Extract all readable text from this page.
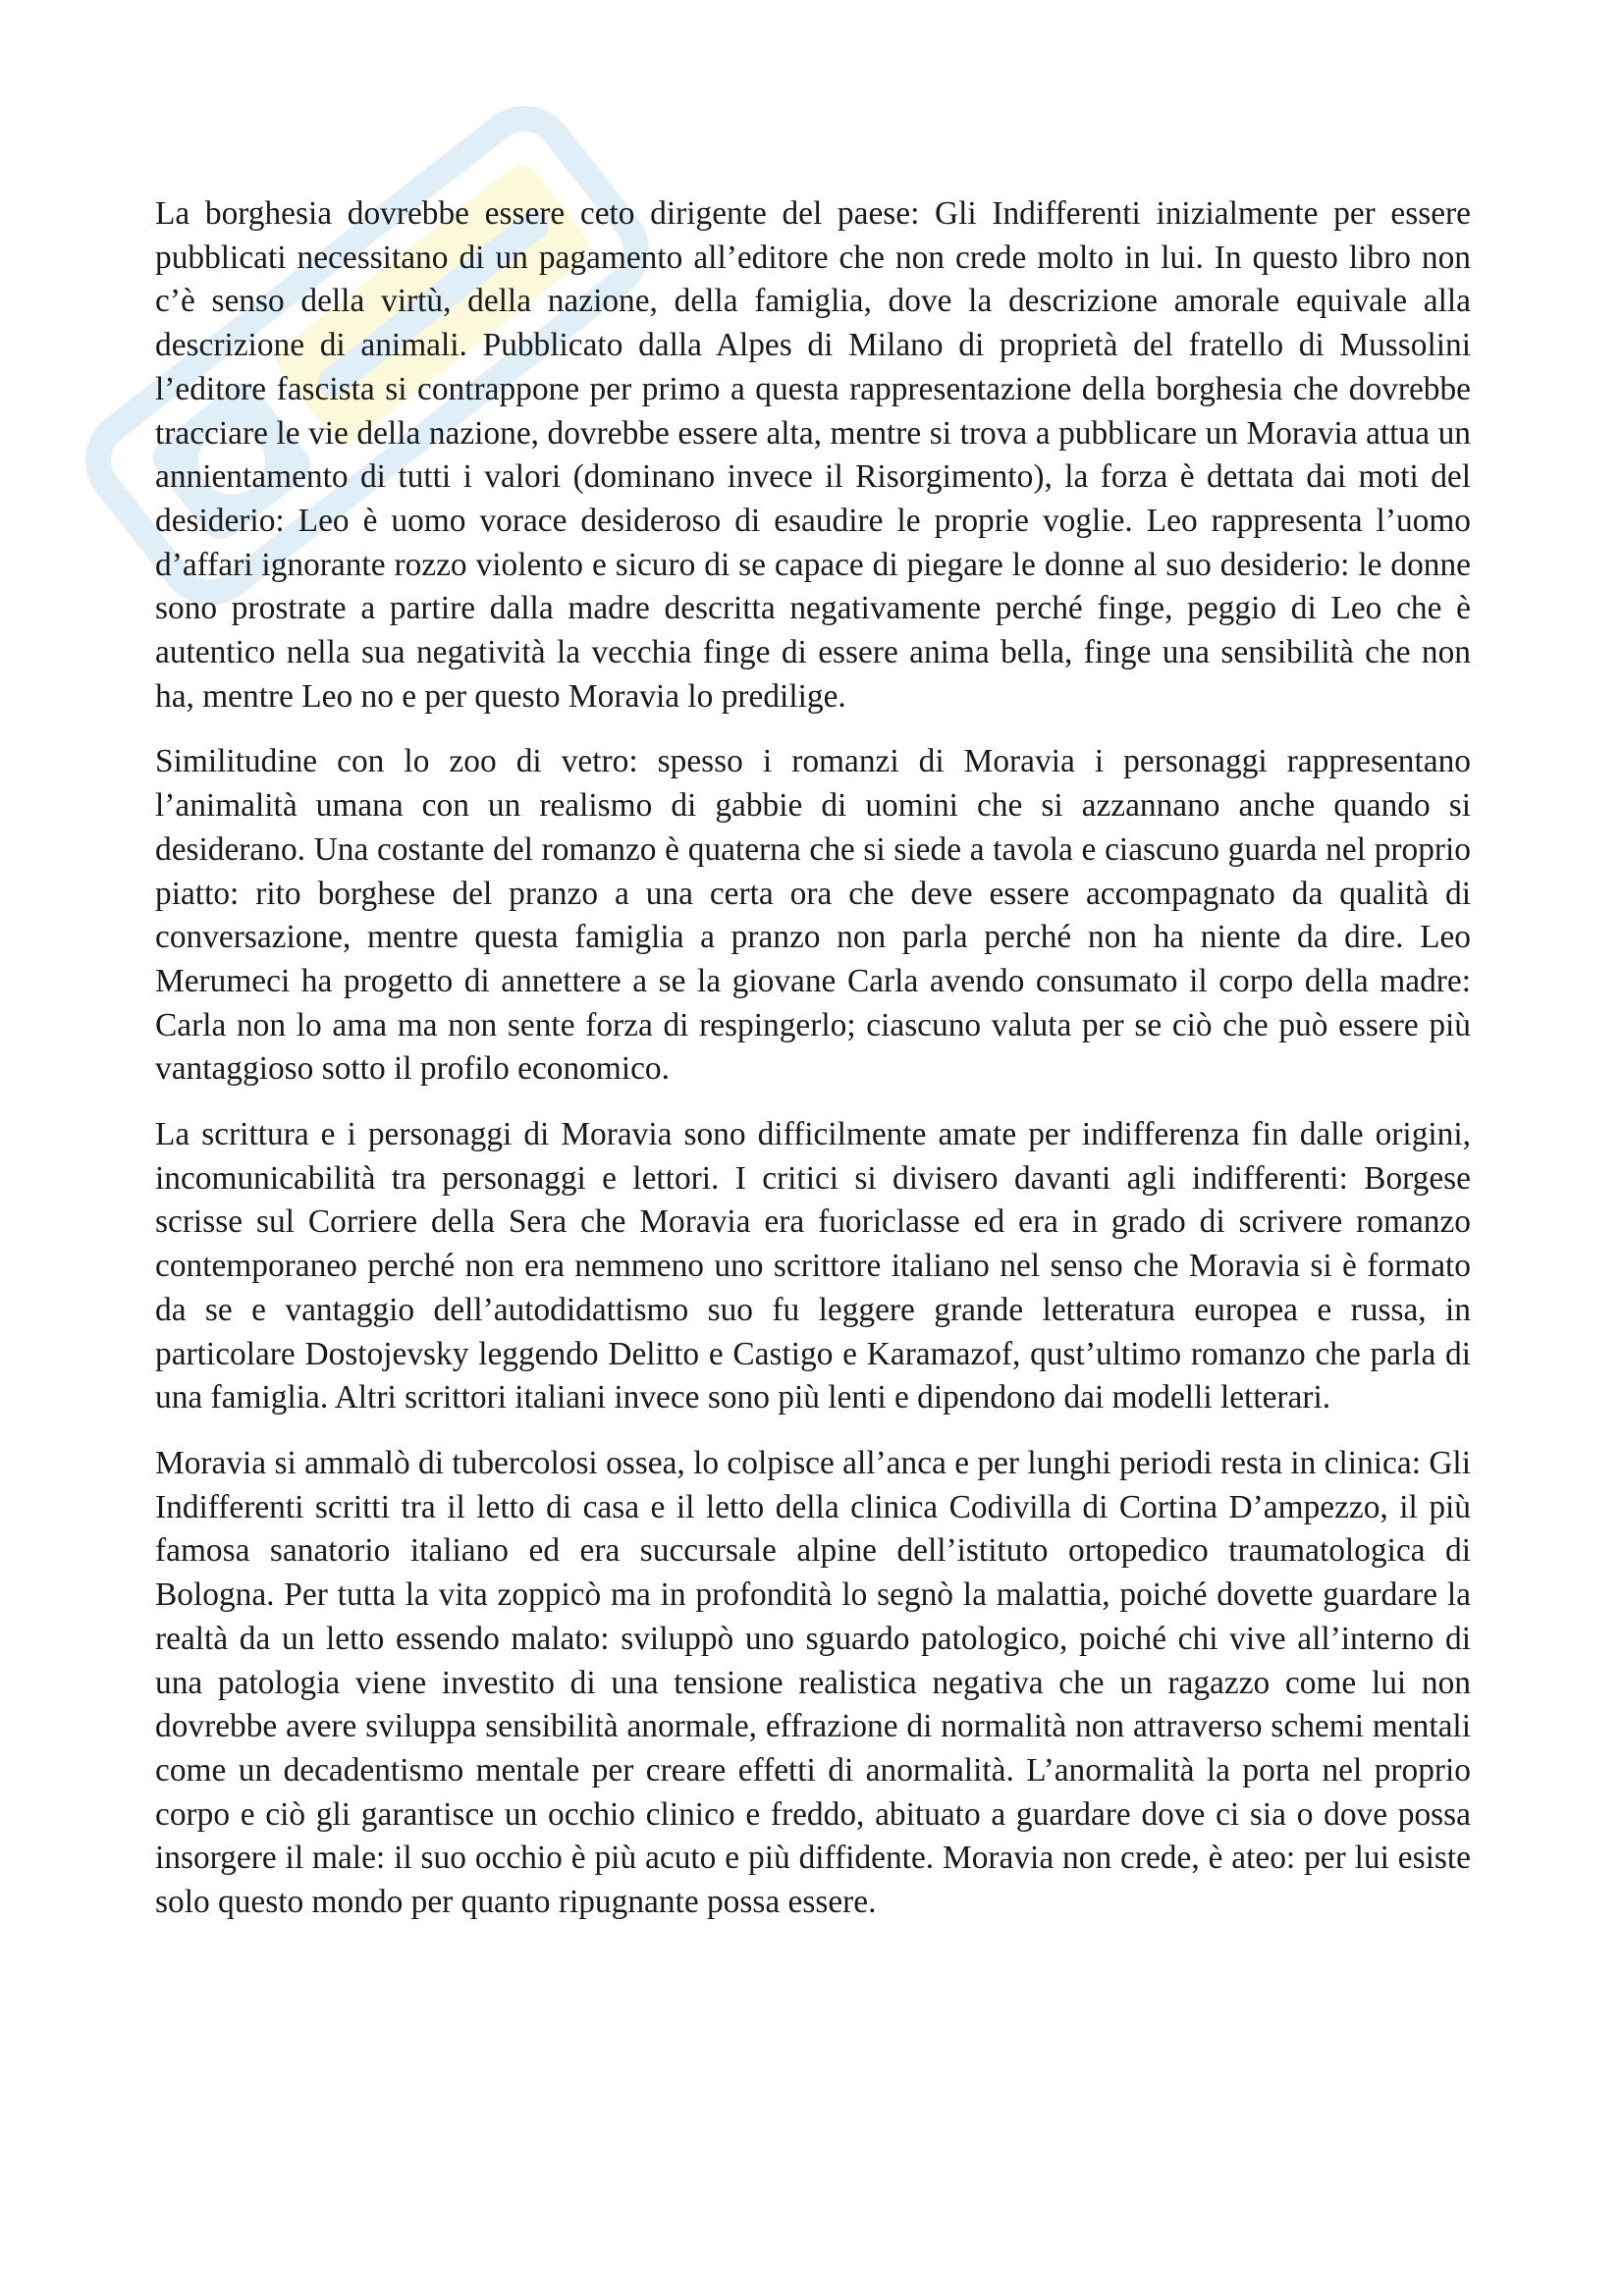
La borghesia dovrebbe essere ceto dirigente del paese: Gli Indifferenti inizialmente per essere pubblicati necessitano di un pagamento all’editore che non crede molto in lui. In questo libro non c’è senso della virtù, della nazione, della famiglia, dove la descrizione amorale equivale alla descrizione di animali. Pubblicato dalla Alpes di Milano di proprietà del fratello di Mussolini l’editore fascista si contrappone per primo a questa rappresentazione della borghesia che dovrebbe tracciare le vie della nazione, dovrebbe essere alta, mentre si trova a pubblicare un Moravia attua un annientamento di tutti i valori (dominano invece il Risorgimento), la forza è dettata dai moti del desiderio: Leo è uomo vorace desideroso di esaudire le proprie voglie. Leo rappresenta l’uomo d’affari ignorante rozzo violento e sicuro di se capace di piegare le donne al suo desiderio: le donne sono prostrate a partire dalla madre descritta negativamente perché finge, peggio di Leo che è autentico nella sua negatività la vecchia finge di essere anima bella, finge una sensibilità che non ha, mentre Leo no e per questo Moravia lo predilige.

Similitudine con lo zoo di vetro: spesso i romanzi di Moravia i personaggi rappresentano l’animalità umana con un realismo di gabbie di uomini che si azzannano anche quando si desiderano. Una costante del romanzo è quaterna che si siede a tavola e ciascuno guarda nel proprio piatto: rito borghese del pranzo a una certa ora che deve essere accompagnato da qualità di conversazione, mentre questa famiglia a pranzo non parla perché non ha niente da dire. Leo Merumeci ha progetto di annettere a se la giovane Carla avendo consumato il corpo della madre: Carla non lo ama ma non sente forza di respingerlo; ciascuno valuta per se ciò che può essere più vantaggioso sotto il profilo economico.

La scrittura e i personaggi di Moravia sono difficilmente amate per indifferenza fin dalle origini, incomunicabilità tra personaggi e lettori. I critici si divisero davanti agli indifferenti: Borgese scrisse sul Corriere della Sera che Moravia era fuoriclasse ed era in grado di scrivere romanzo contemporaneo perché non era nemmeno uno scrittore italiano nel senso che Moravia si è formato da se e vantaggio dell’autodidattismo suo fu leggere grande letteratura europea e russa, in particolare Dostojevsky leggendo Delitto e Castigo e Karamazof, qust’ultimo romanzo che parla di una famiglia. Altri scrittori italiani invece sono più lenti e dipendono dai modelli letterari.

Moravia si ammalò di tubercolosi ossea, lo colpisce all’anca e per lunghi periodi resta in clinica: Gli Indifferenti scritti tra il letto di casa e il letto della clinica Codivilla di Cortina D’ampezzo, il più famosa sanatorio italiano ed era succursale alpine dell’istituto ortopedico traumatologica di Bologna. Per tutta la vita zoppicò ma in profondità lo segnò la malattia, poiché dovette guardare la realtà da un letto essendo malato: sviluppò uno sguardo patologico, poiché chi vive all’interno di una patologia viene investito di una tensione realistica negativa che un ragazzo come lui non dovrebbe avere sviluppa sensibilità anormale, effrazione di normalità non attraverso schemi mentali come un decadentismo mentale per creare effetti di anormalità. L’anormalità la porta nel proprio corpo e ciò gli garantisce un occhio clinico e freddo, abituato a guardare dove ci sia o dove possa insorgere il male: il suo occhio è più acuto e più diffidente. Moravia non crede, è ateo: per lui esiste solo questo mondo per quanto ripugnante possa essere.
